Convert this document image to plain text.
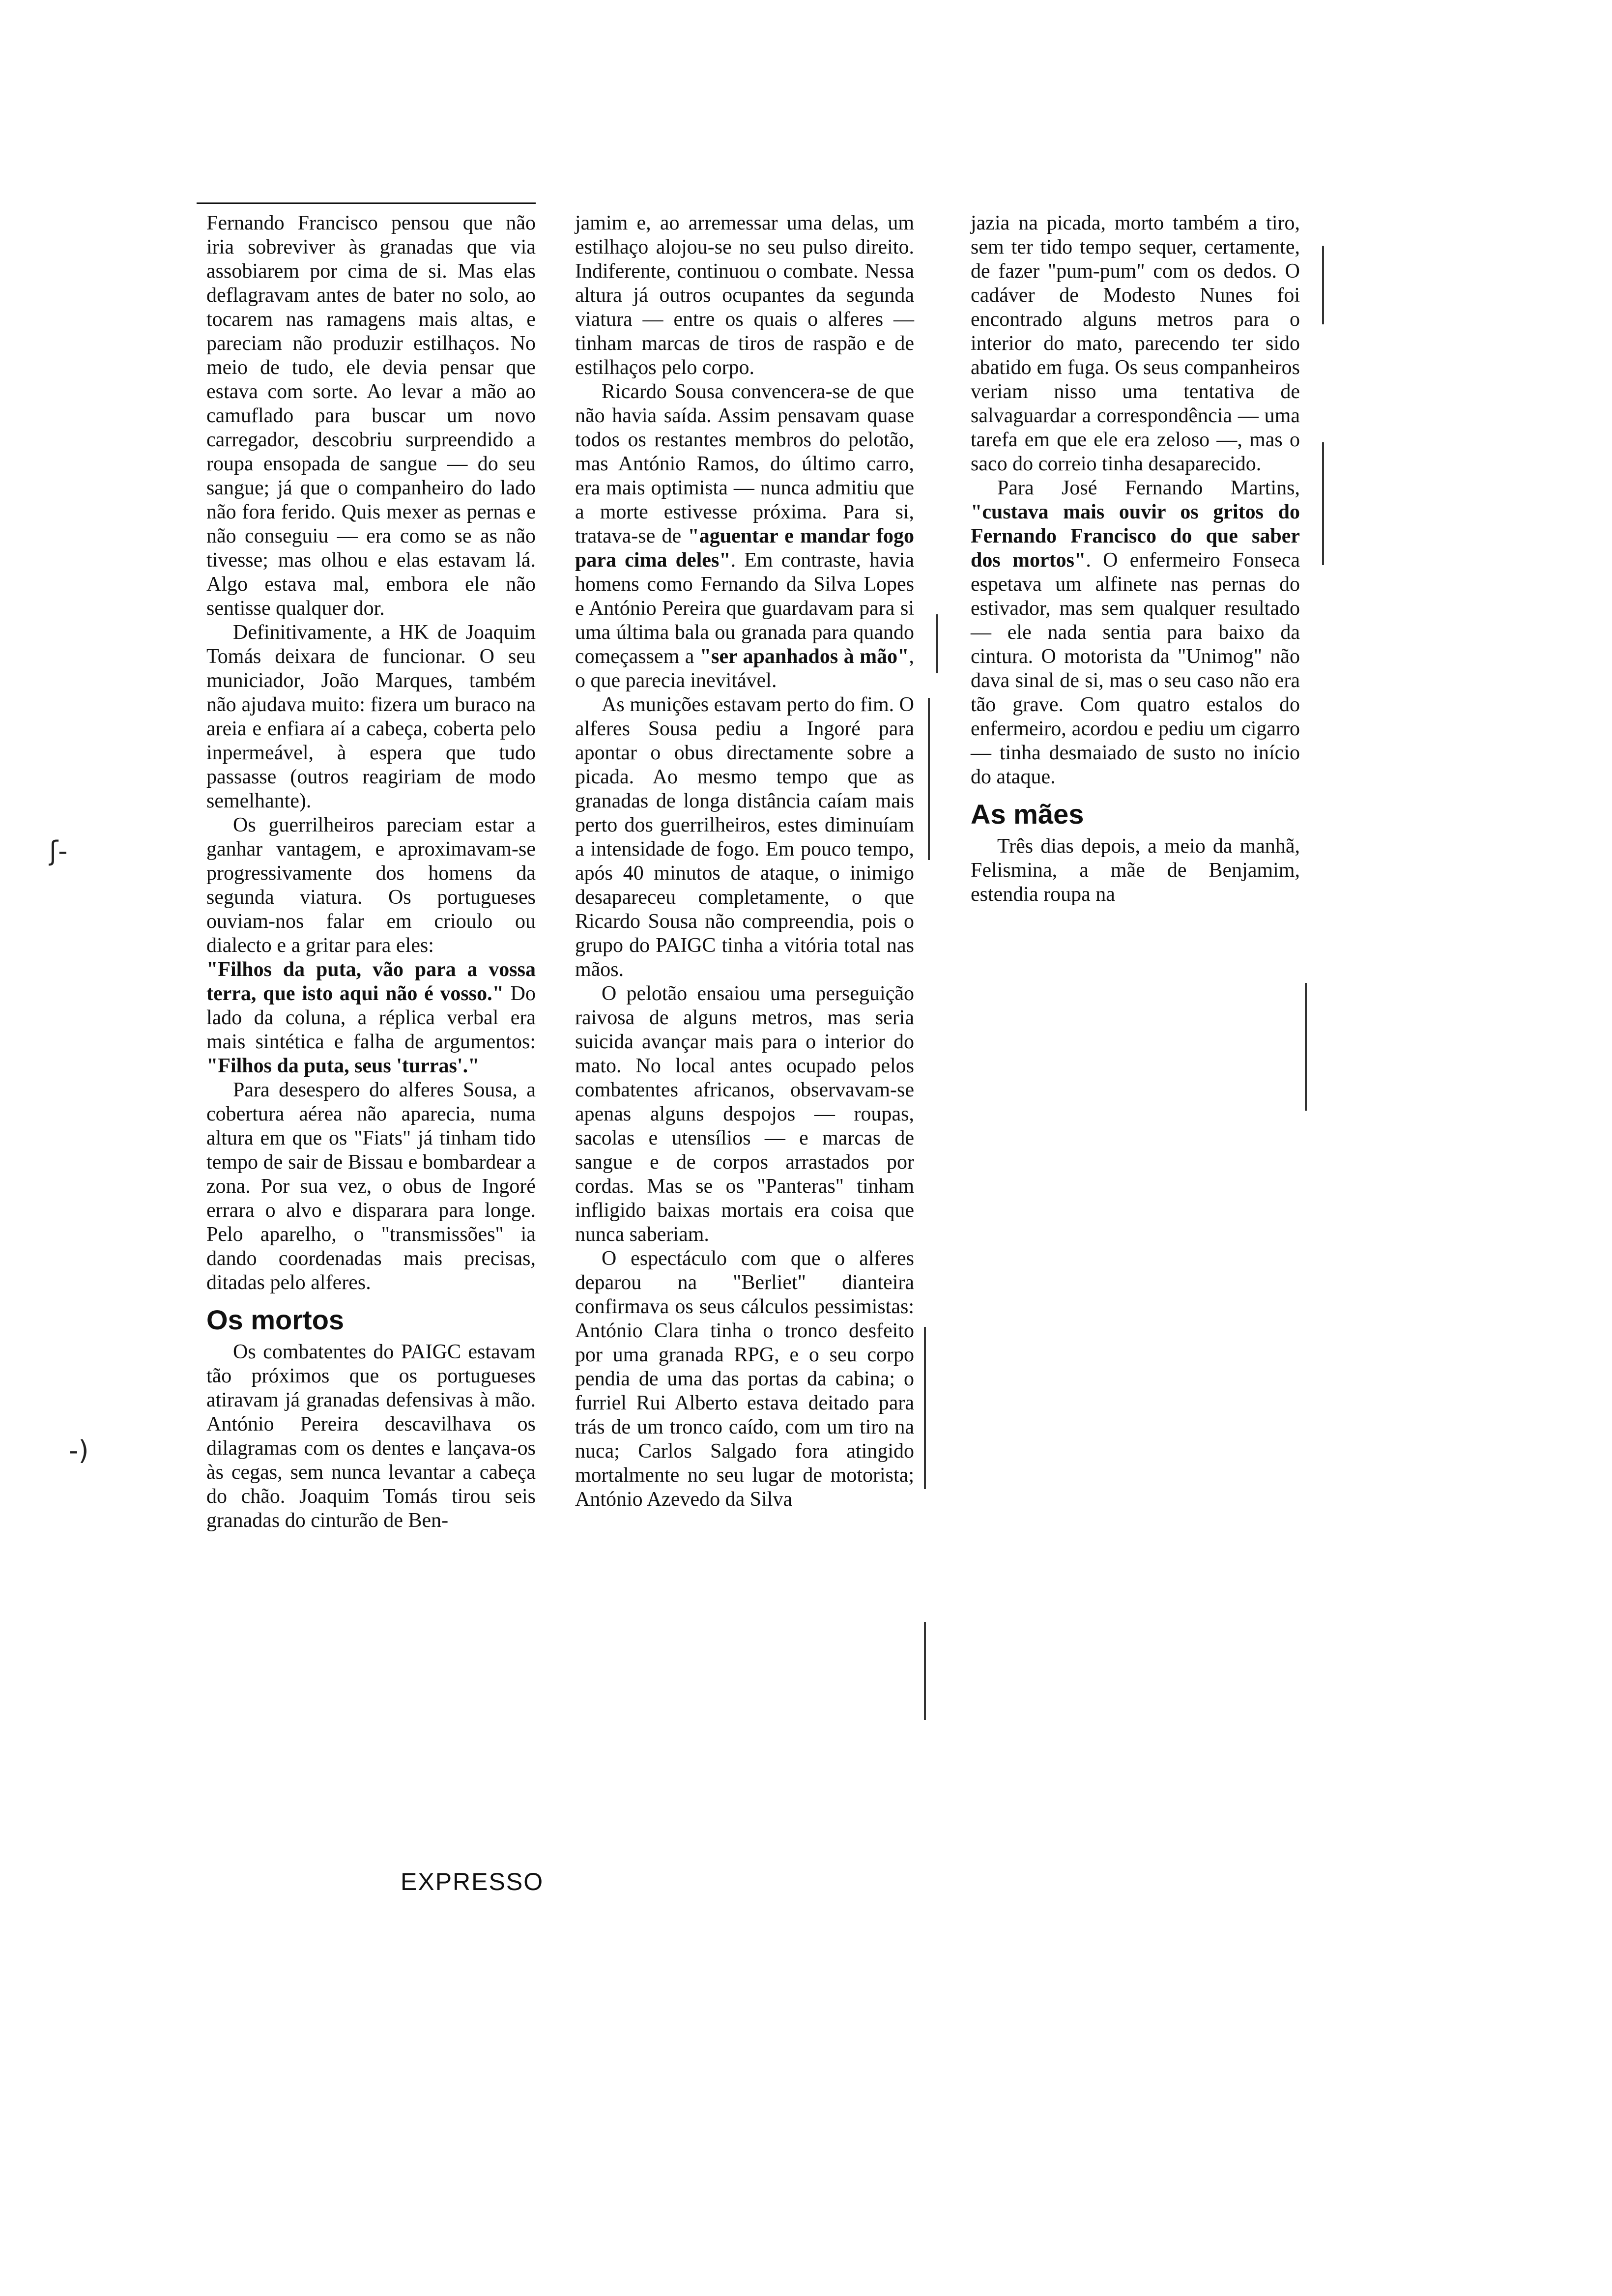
Fernando Francisco pensou que não iria sobreviver às granadas que via assobiarem por cima de si. Mas elas deflagravam antes de bater no solo, ao tocarem nas ramagens mais altas, e pareciam não produzir estilhaços. No meio de tudo, ele devia pensar que estava com sorte. Ao levar a mão ao camuflado para buscar um novo carregador, descobriu surpreendido a roupa ensopada de sangue — do seu sangue; já que o companheiro do lado não fora ferido. Quis mexer as pernas e não conseguiu — era como se as não tivesse; mas olhou e elas estavam lá. Algo estava mal, embora ele não sentisse qualquer dor.

Definitivamente, a HK de Joaquim Tomás deixara de funcionar. O seu municiador, João Marques, também não ajudava muito: fizera um buraco na areia e enfiara aí a cabeça, coberta pelo inpermeável, à espera que tudo passasse (outros reagiriam de modo semelhante).

Os guerrilheiros pareciam estar a ganhar vantagem, e aproximavam-se progressivamente dos homens da segunda viatura. Os portugueses ouviam-nos falar em crioulo ou dialecto e a gritar para eles:
"Filhos da puta, vão para a vossa terra, que isto aqui não é vosso." Do lado da coluna, a réplica verbal era mais sintética e falha de argumentos: "Filhos da puta, seus 'turras'."

Para desespero do alferes Sousa, a cobertura aérea não aparecia, numa altura em que os "Fiats" já tinham tido tempo de sair de Bissau e bombardear a zona. Por sua vez, o obus de Ingoré errara o alvo e disparara para longe. Pelo aparelho, o "transmissões" ia dando coordenadas mais precisas, ditadas pelo alferes.

Os mortos

Os combatentes do PAIGC estavam tão próximos que os portugueses atiravam já granadas defensivas à mão. António Pereira descavilhava os dilagramas com os dentes e lançava-os às cegas, sem nunca levantar a cabeça do chão. Joaquim Tomás tirou seis granadas do cinturão de Ben-

jamim e, ao arremessar uma delas, um estilhaço alojou-se no seu pulso direito. Indiferente, continuou o combate. Nessa altura já outros ocupantes da segunda viatura — entre os quais o alferes — tinham marcas de tiros de raspão e de estilhaços pelo corpo.

Ricardo Sousa convencera-se de que não havia saída. Assim pensavam quase todos os restantes membros do pelotão, mas António Ramos, do último carro, era mais optimista — nunca admitiu que a morte estivesse próxima. Para si, tratava-se de "aguentar e mandar fogo para cima deles". Em contraste, havia homens como Fernando da Silva Lopes e António Pereira que guardavam para si uma última bala ou granada para quando começassem a "ser apanhados à mão", o que parecia inevitável.

As munições estavam perto do fim. O alferes Sousa pediu a Ingoré para apontar o obus directamente sobre a picada. Ao mesmo tempo que as granadas de longa distância caíam mais perto dos guerrilheiros, estes diminuíam a intensidade de fogo. Em pouco tempo, após 40 minutos de ataque, o inimigo desapareceu completamente, o que Ricardo Sousa não compreendia, pois o grupo do PAIGC tinha a vitória total nas mãos.

O pelotão ensaiou uma perseguição raivosa de alguns metros, mas seria suicida avançar mais para o interior do mato. No local antes ocupado pelos combatentes africanos, observavam-se apenas alguns despojos — roupas, sacolas e utensílios — e marcas de sangue e de corpos arrastados por cordas. Mas se os "Panteras" tinham infligido baixas mortais era coisa que nunca saberiam.

O espectáculo com que o alferes deparou na "Berliet" dianteira confirmava os seus cálculos pessimistas: António Clara tinha o tronco desfeito por uma granada RPG, e o seu corpo pendia de uma das portas da cabina; o furriel Rui Alberto estava deitado para trás de um tronco caído, com um tiro na nuca; Carlos Salgado fora atingido mortalmente no seu lugar de motorista; António Azevedo da Silva

jazia na picada, morto também a tiro, sem ter tido tempo sequer, certamente, de fazer "pum-pum" com os dedos. O cadáver de Modesto Nunes foi encontrado alguns metros para o interior do mato, parecendo ter sido abatido em fuga. Os seus companheiros veriam nisso uma tentativa de salvaguardar a correspondência — uma tarefa em que ele era zeloso —, mas o saco do correio tinha desaparecido.

Para José Fernando Martins, "custava mais ouvir os gritos do Fernando Francisco do que saber dos mortos". O enfermeiro Fonseca espetava um alfinete nas pernas do estivador, mas sem qualquer resultado — ele nada sentia para baixo da cintura. O motorista da "Unimog" não dava sinal de si, mas o seu caso não era tão grave. Com quatro estalos do enfermeiro, acordou e pediu um cigarro — tinha desmaiado de susto no início do ataque.

As mães

Três dias depois, a meio da manhã, Felismina, a mãe de Benjamim, estendia roupa na

EXPRESSO
ʃ-
-)
